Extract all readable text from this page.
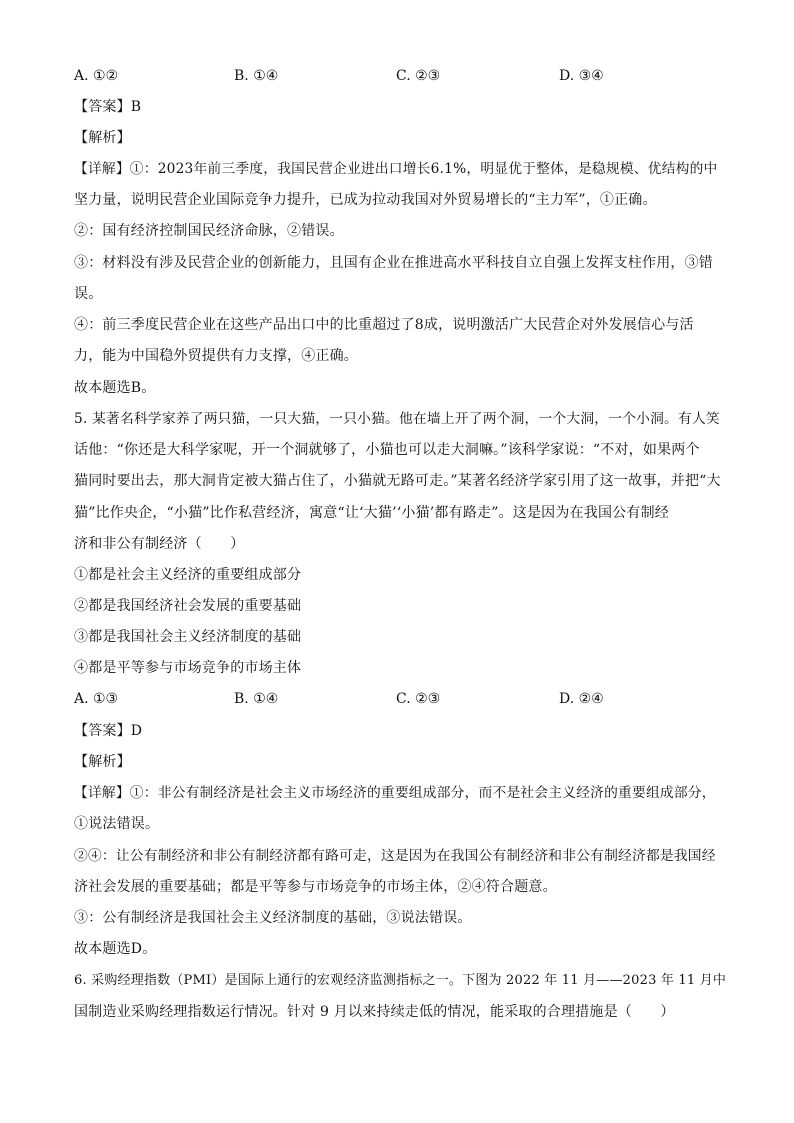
A. ①②	B. ①④	C. ②③	D. ③④
【答案】B
【解析】
【详解】①：2023年前三季度，我国民营企业进出口增长6.1%，明显优于整体，是稳规模、优结构的中
坚力量，说明民营企业国际竞争力提升，已成为拉动我国对外贸易增长的“主力军”，①正确。
②：国有经济控制国民经济命脉，②错误。
③：材料没有涉及民营企业的创新能力，且国有企业在推进高水平科技自立自强上发挥支柱作用，③错
误。
④：前三季度民营企业在这些产品出口中的比重超过了8成，说明激活广大民营企对外发展信心与活
力，能为中国稳外贸提供有力支撑，④正确。
故本题选B。
5. 某著名科学家养了两只猫，一只大猫，一只小猫。他在墙上开了两个洞，一个大洞，一个小洞。有人笑
话他：“你还是大科学家呢，开一个洞就够了，小猫也可以走大洞嘛。”该科学家说：“不对，如果两个
猫同时要出去，那大洞肯定被大猫占住了，小猫就无路可走。”某著名经济学家引用了这一故事，并把“大
猫”比作央企，“小猫”比作私营经济，寓意“让‘大猫’‘小猫’都有路走”。这是因为在我国公有制经
济和非公有制经济（　　）
①都是社会主义经济的重要组成部分
②都是我国经济社会发展的重要基础
③都是我国社会主义经济制度的基础
④都是平等参与市场竞争的市场主体
A. ①③	B. ①④	C. ②③	D. ②④
【答案】D
【解析】
【详解】①：非公有制经济是社会主义市场经济的重要组成部分，而不是社会主义经济的重要组成部分，
①说法错误。
②④：让公有制经济和非公有制经济都有路可走，这是因为在我国公有制经济和非公有制经济都是我国经
济社会发展的重要基础；都是平等参与市场竞争的市场主体，②④符合题意。
③：公有制经济是我国社会主义经济制度的基础，③说法错误。
故本题选D。
6. 采购经理指数（PMI）是国际上通行的宏观经济监测指标之一。下图为 2022 年 11 月——2023 年 11 月中
国制造业采购经理指数运行情况。针对 9 月以来持续走低的情况，能采取的合理措施是（　　）
